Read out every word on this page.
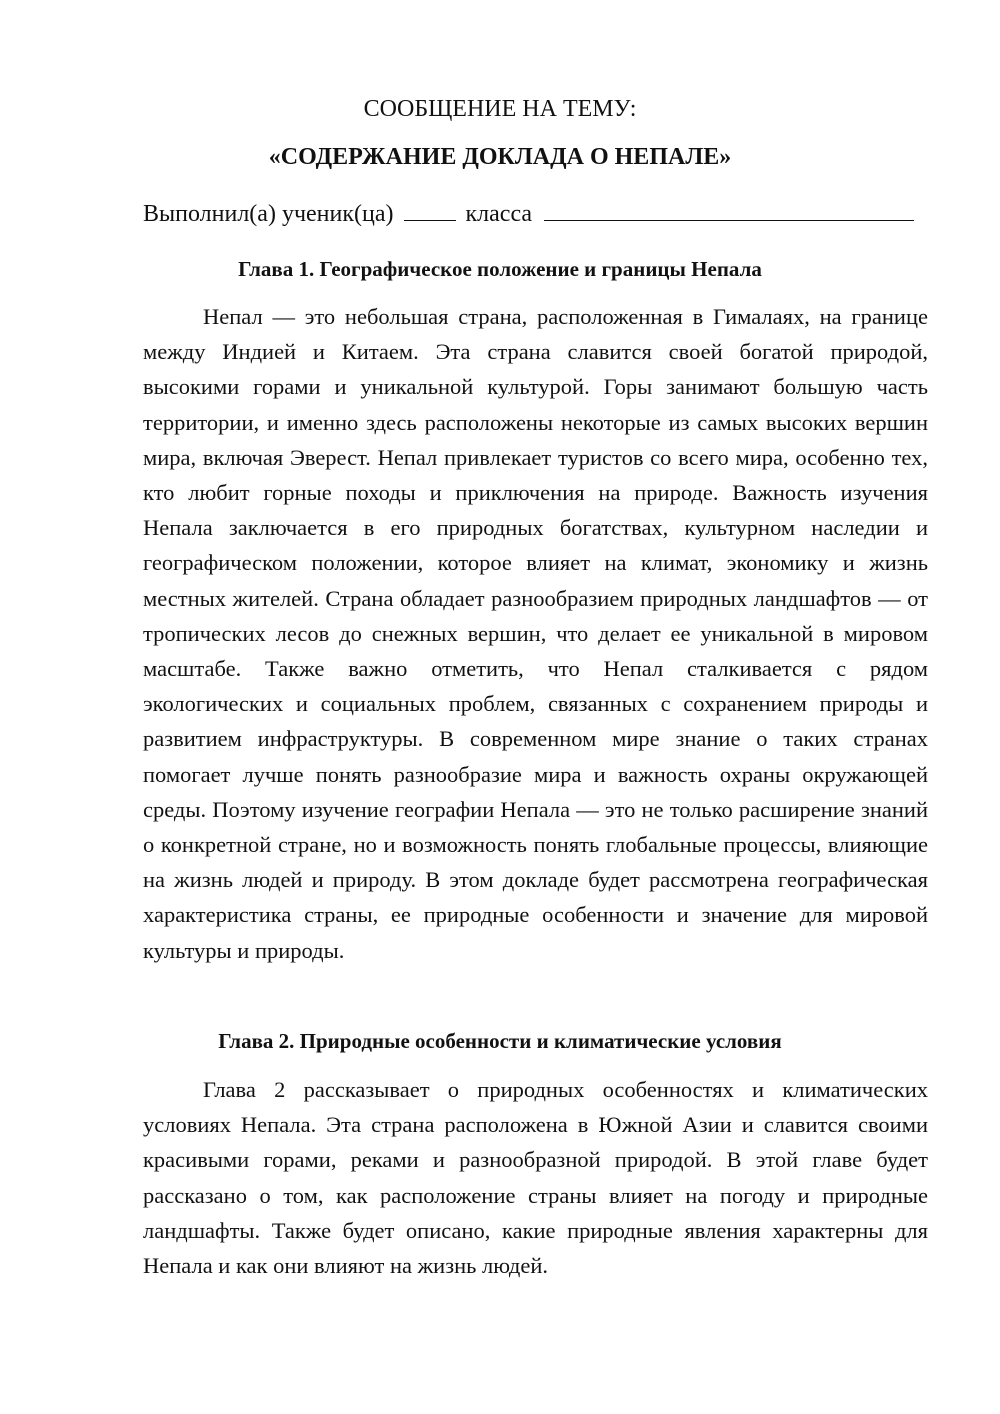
СООБЩЕНИЕ НА ТЕМУ:
«СОДЕРЖАНИЕ ДОКЛАДА О НЕПАЛЕ»
Выполнил(а) ученик(ца)	класса
Глава 1. Географическое положение и границы Непала

Непал — это небольшая страна, расположенная в Гималаях, на границе между Индией и Китаем. Эта страна славится своей богатой природой, высокими горами и уникальной культурой. Горы занимают большую часть территории, и именно здесь расположены некоторые из самых высоких вершин мира, включая Эверест. Непал привлекает туристов со всего мира, особенно тех, кто любит горные походы и приключения на природе. Важность изучения Непала заключается в его природных богатствах, культурном наследии и географическом положении, которое влияет на климат, экономику и жизнь местных жителей. Страна обладает разнообразием природных ландшафтов — от тропических лесов до снежных вершин, что делает ее уникальной в мировом масштабе. Также важно отметить, что Непал сталкивается с рядом экологических и социальных проблем, связанных с сохранением природы и развитием инфраструктуры. В современном мире знание о таких странах помогает лучше понять разнообразие мира и важность охраны окружающей среды. Поэтому изучение географии Непала — это не только расширение знаний о конкретной стране, но и возможность понять глобальные процессы, влияющие на жизнь людей и природу. В этом докладе будет рассмотрена географическая характеристика страны, ее природные особенности и значение для мировой культуры и природы.

Глава 2. Природные особенности и климатические условия

Глава 2 рассказывает о природных особенностях и климатических условиях Непала. Эта страна расположена в Южной Азии и славится своими красивыми горами, реками и разнообразной природой. В этой главе будет рассказано о том, как расположение страны влияет на погоду и природные ландшафты. Также будет описано, какие природные явления характерны для Непала и как они влияют на жизнь людей.
